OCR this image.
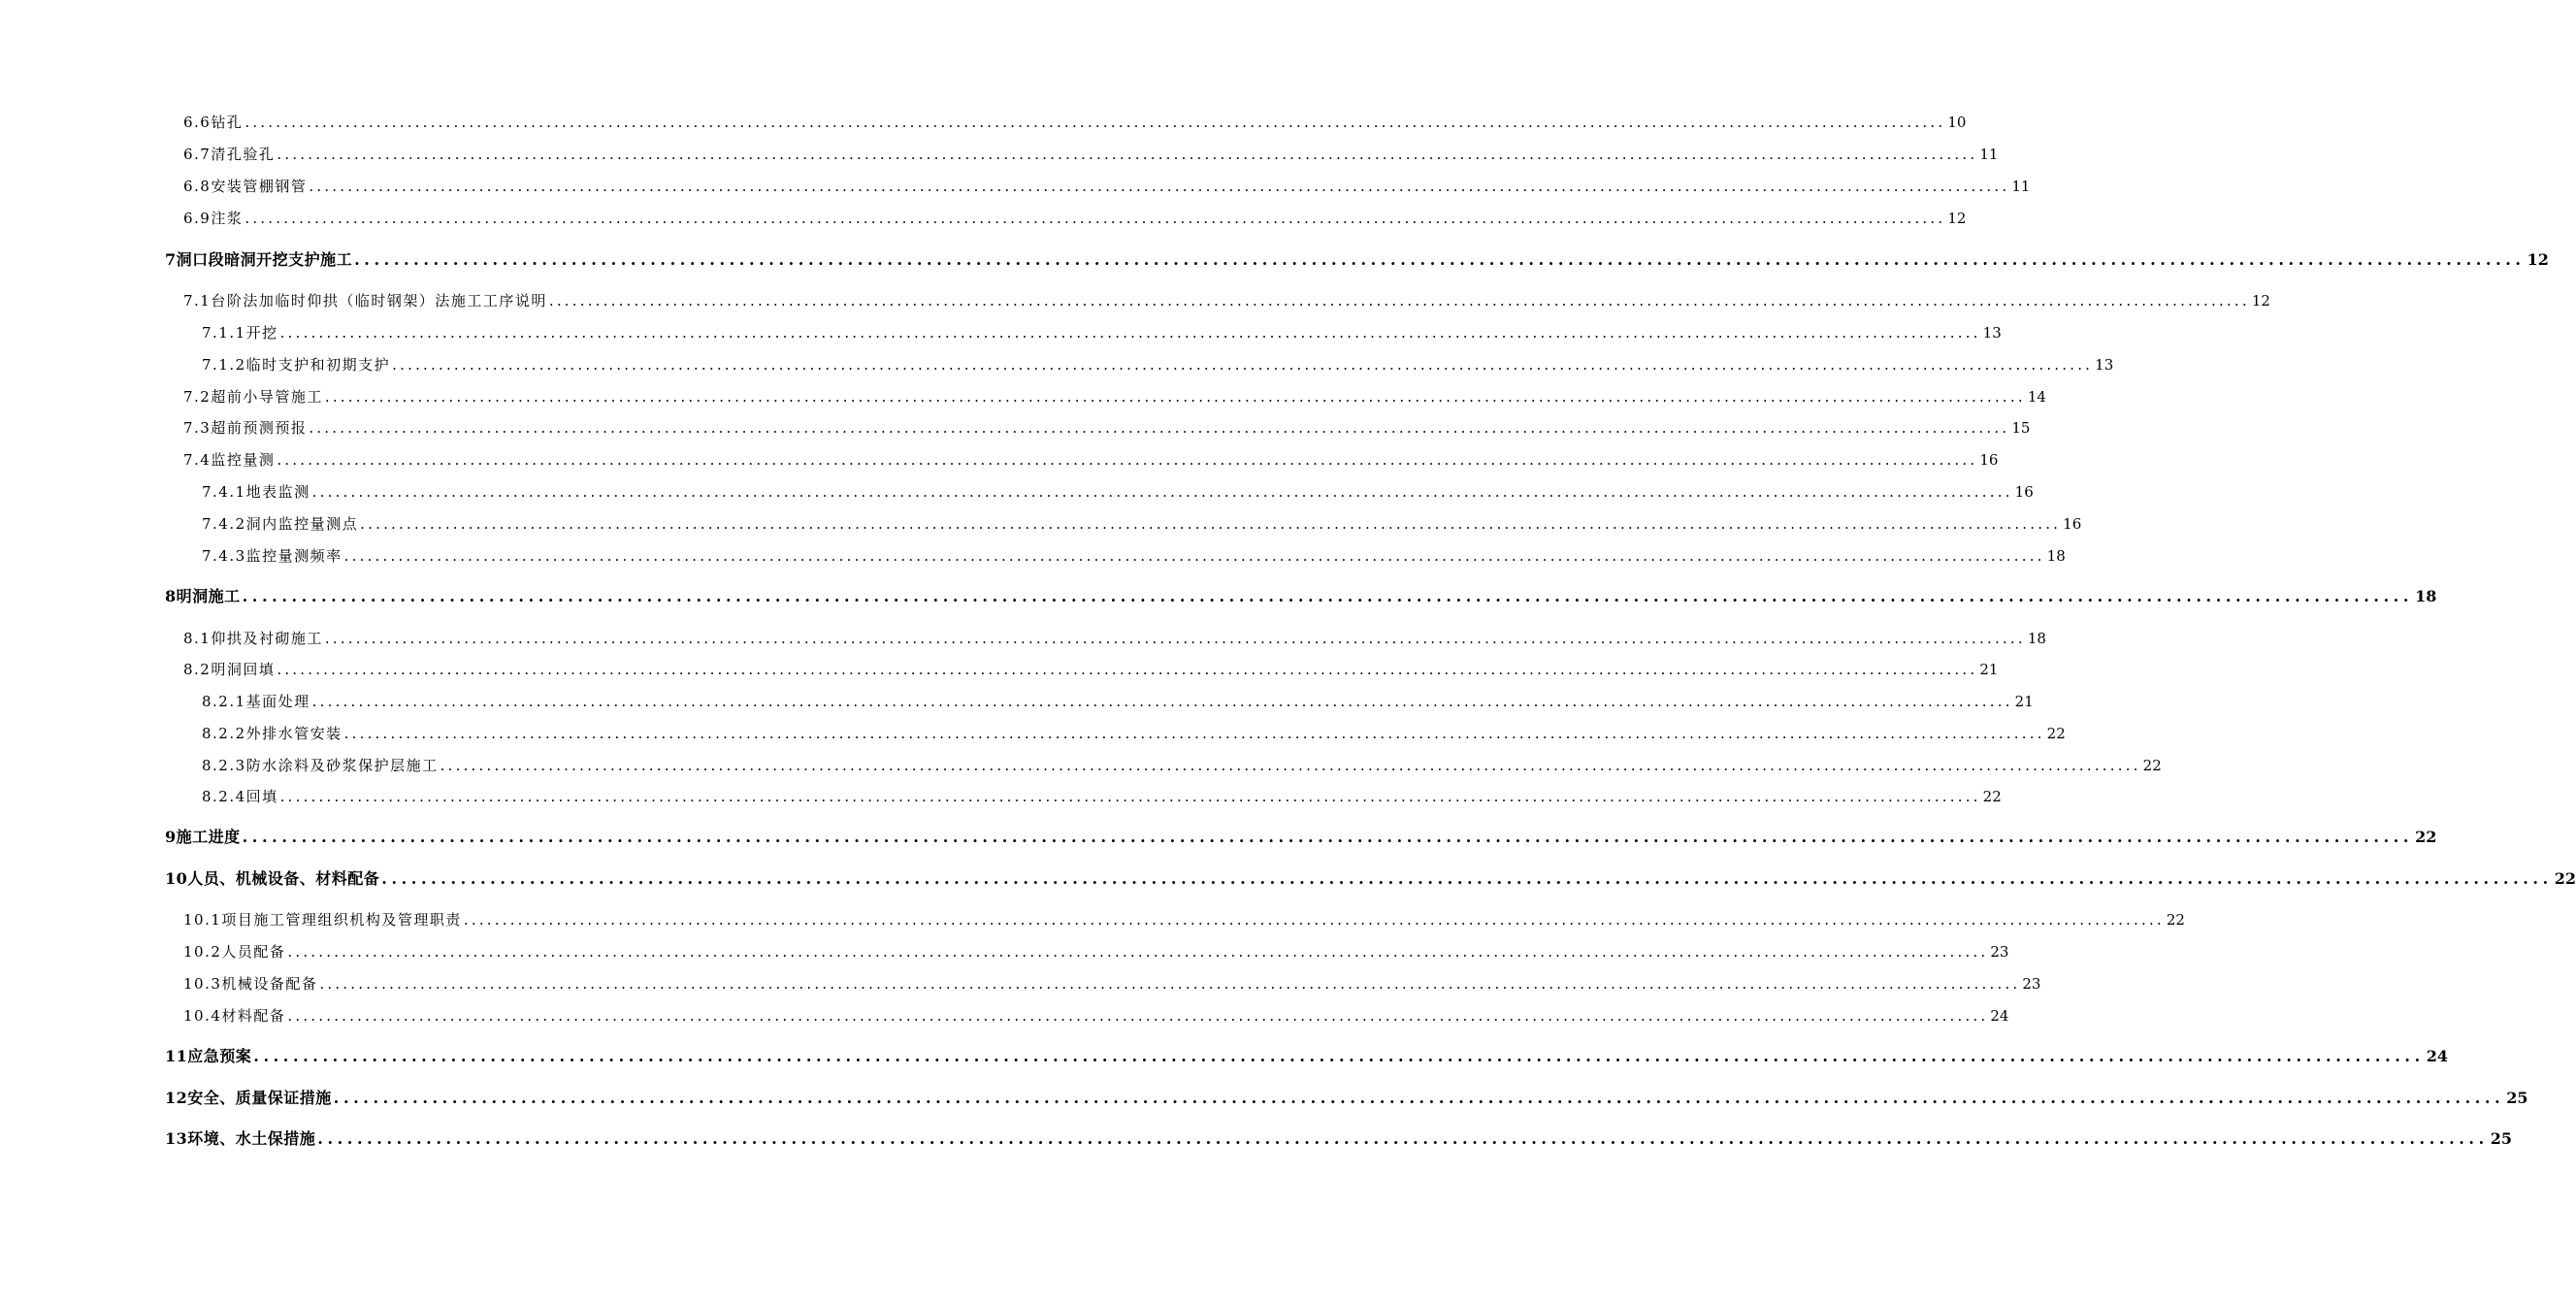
6.6钻孔 ............................................................................................................................................................................................................................ 10
6.7清孔验孔 ............................................................................................................................................................................................................................ 11
6.8安装管棚钢管 ............................................................................................................................................................................................................................ 11
6.9注浆 ............................................................................................................................................................................................................................ 12
7洞口段暗洞开挖支护施工 ............................................................................................................................................................................................................................ 12
7.1台阶法加临时仰拱（临时钢架）法施工工序说明 ............................................................................................................................................................................................................................ 12
7.1.1开挖 ............................................................................................................................................................................................................................ 13
7.1.2临时支护和初期支护 ............................................................................................................................................................................................................................ 13
7.2超前小导管施工 ............................................................................................................................................................................................................................ 14
7.3超前预测预报 ............................................................................................................................................................................................................................ 15
7.4监控量测 ............................................................................................................................................................................................................................ 16
7.4.1地表监测 ............................................................................................................................................................................................................................ 16
7.4.2洞内监控量测点 ............................................................................................................................................................................................................................ 16
7.4.3监控量测频率 ............................................................................................................................................................................................................................ 18
8明洞施工 ............................................................................................................................................................................................................................ 18
8.1仰拱及衬砌施工 ............................................................................................................................................................................................................................ 18
8.2明洞回填 ............................................................................................................................................................................................................................ 21
8.2.1基面处理 ............................................................................................................................................................................................................................ 21
8.2.2外排水管安装 ............................................................................................................................................................................................................................ 22
8.2.3防水涂料及砂浆保护层施工 ............................................................................................................................................................................................................................ 22
8.2.4回填 ............................................................................................................................................................................................................................ 22
9施工进度 ............................................................................................................................................................................................................................ 22
10人员、机械设备、材料配备 ............................................................................................................................................................................................................................ 22
10.1项目施工管理组织机构及管理职责 ............................................................................................................................................................................................................................ 22
10.2人员配备 ............................................................................................................................................................................................................................ 23
10.3机械设备配备 ............................................................................................................................................................................................................................ 23
10.4材料配备 ............................................................................................................................................................................................................................ 24
11应急预案 ............................................................................................................................................................................................................................ 24
12安全、质量保证措施 ............................................................................................................................................................................................................................ 25
13环境、水土保措施 ............................................................................................................................................................................................................................ 25
